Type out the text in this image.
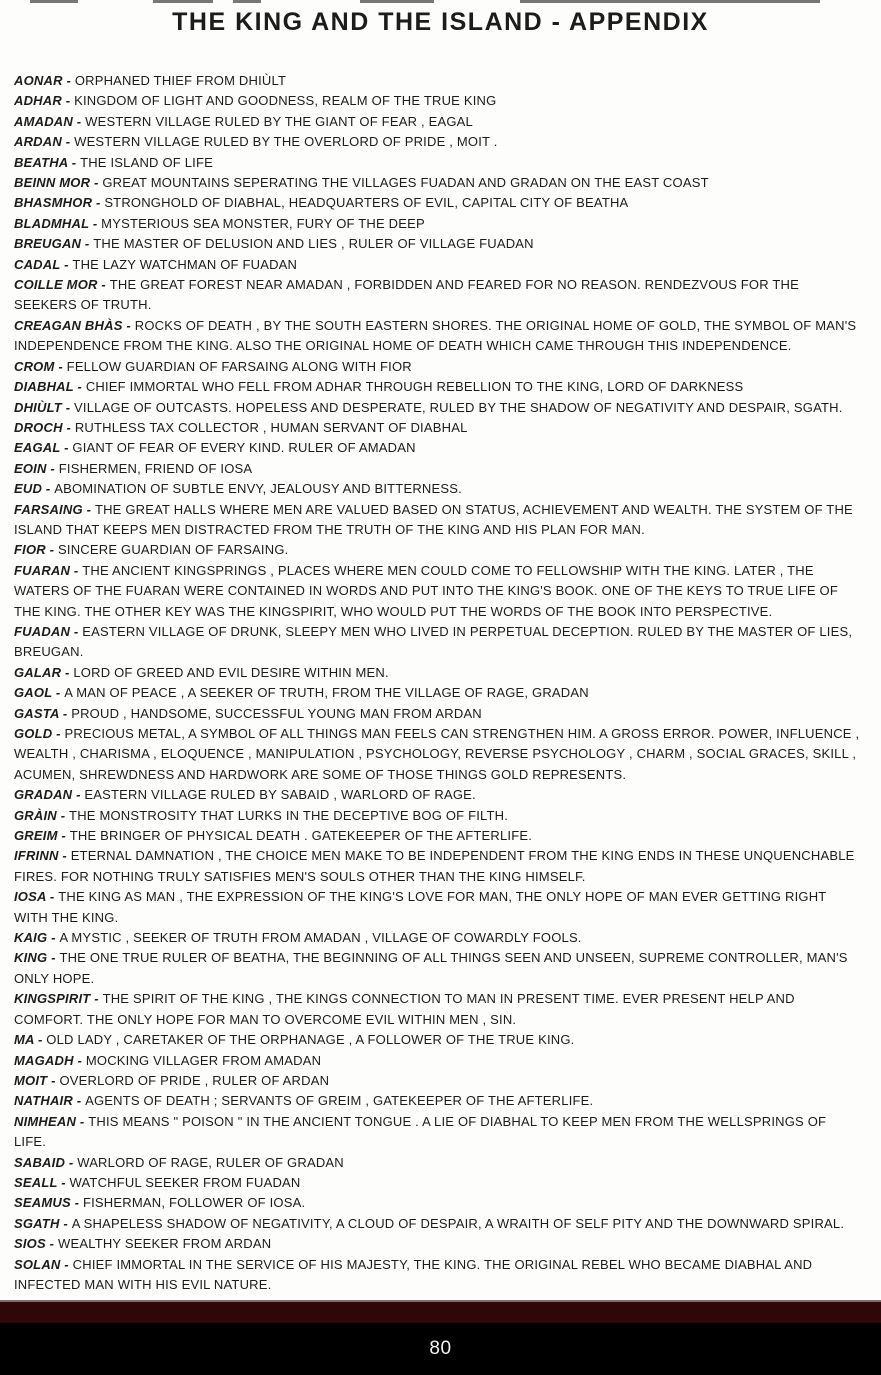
THE KING AND THE ISLAND - APPENDIX
AONAR - ORPHANED THIEF FROM DHIÙLT
ADHAR - KINGDOM OF LIGHT AND GOODNESS, REALM OF THE TRUE KING
AMADAN - WESTERN VILLAGE RULED BY THE GIANT OF FEAR , EAGAL
ARDAN - WESTERN VILLAGE RULED BY THE OVERLORD OF PRIDE , MOIT .
BEATHA - THE ISLAND OF LIFE
BEINN MOR - GREAT MOUNTAINS SEPERATING THE VILLAGES FUADAN AND GRADAN ON THE EAST COAST
BHASMHOR - STRONGHOLD OF DIABHAL, HEADQUARTERS OF EVIL, CAPITAL CITY OF BEATHA
BLADMHAL - MYSTERIOUS SEA MONSTER, FURY OF THE DEEP
BREUGAN - THE MASTER OF DELUSION AND LIES , RULER OF VILLAGE FUADAN
CADAL - THE LAZY WATCHMAN OF FUADAN
COILLE MOR - THE GREAT FOREST NEAR AMADAN , FORBIDDEN AND FEARED FOR NO REASON. RENDEZVOUS FOR THE SEEKERS OF TRUTH.
CREAGAN BHÀS - ROCKS OF DEATH , BY THE SOUTH EASTERN SHORES. THE ORIGINAL HOME OF GOLD, THE SYMBOL OF MAN'S INDEPENDENCE FROM THE KING. ALSO THE ORIGINAL HOME OF DEATH WHICH CAME THROUGH THIS INDEPENDENCE.
CROM - FELLOW GUARDIAN OF FARSAING ALONG WITH FIOR
DIABHAL - CHIEF IMMORTAL WHO FELL FROM ADHAR THROUGH REBELLION TO THE KING, LORD OF DARKNESS
DHIÙLT - VILLAGE OF OUTCASTS. HOPELESS AND DESPERATE, RULED BY THE SHADOW OF NEGATIVITY AND DESPAIR, SGATH.
DROCH - RUTHLESS TAX COLLECTOR , HUMAN SERVANT OF DIABHAL
EAGAL - GIANT OF FEAR OF EVERY KIND. RULER OF AMADAN
EOIN - FISHERMEN, FRIEND OF IOSA
EUD - ABOMINATION OF SUBTLE ENVY, JEALOUSY AND BITTERNESS.
FARSAING - THE GREAT HALLS WHERE MEN ARE VALUED BASED ON STATUS, ACHIEVEMENT AND WEALTH. THE SYSTEM OF THE ISLAND THAT KEEPS MEN DISTRACTED FROM THE TRUTH OF THE KING AND HIS PLAN FOR MAN.
FIOR - SINCERE GUARDIAN OF FARSAING.
FUARAN - THE ANCIENT KINGSPRINGS , PLACES WHERE MEN COULD COME TO FELLOWSHIP WITH THE KING. LATER , THE WATERS OF THE FUARAN WERE CONTAINED IN WORDS AND PUT INTO THE KING'S BOOK. ONE OF THE KEYS TO TRUE LIFE OF THE KING. THE OTHER KEY WAS THE KINGSPIRIT, WHO WOULD PUT THE WORDS OF THE BOOK INTO PERSPECTIVE.
FUADAN - EASTERN VILLAGE OF DRUNK, SLEEPY MEN WHO LIVED IN PERPETUAL DECEPTION. RULED BY THE MASTER OF LIES, BREUGAN.
GALAR - LORD OF GREED AND EVIL DESIRE WITHIN MEN.
GAOL - A MAN OF PEACE , A SEEKER OF TRUTH, FROM THE VILLAGE OF RAGE, GRADAN
GASTA - PROUD , HANDSOME, SUCCESSFUL YOUNG MAN FROM ARDAN
GOLD - PRECIOUS METAL, A SYMBOL OF ALL THINGS MAN FEELS CAN STRENGTHEN HIM. A GROSS ERROR. POWER, INFLUENCE , WEALTH , CHARISMA , ELOQUENCE , MANIPULATION , PSYCHOLOGY, REVERSE PSYCHOLOGY , CHARM , SOCIAL GRACES, SKILL , ACUMEN, SHREWDNESS AND HARDWORK ARE SOME OF THOSE THINGS GOLD REPRESENTS.
GRADAN - EASTERN VILLAGE RULED BY SABAID , WARLORD OF RAGE.
GRÀIN - THE MONSTROSITY THAT LURKS IN THE DECEPTIVE BOG OF FILTH.
GREIM - THE BRINGER OF PHYSICAL DEATH . GATEKEEPER OF THE AFTERLIFE.
IFRINN - ETERNAL DAMNATION , THE CHOICE MEN MAKE TO BE INDEPENDENT FROM THE KING ENDS IN THESE UNQUENCHABLE FIRES. FOR NOTHING TRULY SATISFIES MEN'S SOULS OTHER THAN THE KING HIMSELF.
IOSA - THE KING AS MAN , THE EXPRESSION OF THE KING'S LOVE FOR MAN, THE ONLY HOPE OF MAN EVER GETTING RIGHT WITH THE KING.
KAIG - A MYSTIC , SEEKER OF TRUTH FROM AMADAN , VILLAGE OF COWARDLY FOOLS.
KING - THE ONE TRUE RULER OF BEATHA, THE BEGINNING OF ALL THINGS SEEN AND UNSEEN, SUPREME CONTROLLER, MAN'S ONLY HOPE.
KINGSPIRIT - THE SPIRIT OF THE KING , THE KINGS CONNECTION TO MAN IN PRESENT TIME. EVER PRESENT HELP AND COMFORT. THE ONLY HOPE FOR MAN TO OVERCOME EVIL WITHIN MEN , SIN.
MA - OLD LADY , CARETAKER OF THE ORPHANAGE , A FOLLOWER OF THE TRUE KING.
MAGADH - MOCKING VILLAGER FROM AMADAN
MOIT - OVERLORD OF PRIDE , RULER OF ARDAN
NATHAIR - AGENTS OF DEATH ; SERVANTS OF GREIM , GATEKEEPER OF THE AFTERLIFE.
NIMHEAN - THIS MEANS " POISON " IN THE ANCIENT TONGUE . A LIE OF DIABHAL TO KEEP MEN FROM THE WELLSPRINGS OF LIFE.
SABAID - WARLORD OF RAGE, RULER OF GRADAN
SEALL - WATCHFUL SEEKER FROM FUADAN
SEAMUS - FISHERMAN, FOLLOWER OF IOSA.
SGATH - A SHAPELESS SHADOW OF NEGATIVITY, A CLOUD OF DESPAIR, A WRAITH OF SELF PITY AND THE DOWNWARD SPIRAL.
SIOS - WEALTHY SEEKER FROM ARDAN
SOLAN - CHIEF IMMORTAL IN THE SERVICE OF HIS MAJESTY, THE KING. THE ORIGINAL REBEL WHO BECAME DIABHAL AND INFECTED MAN WITH HIS EVIL NATURE.
80
